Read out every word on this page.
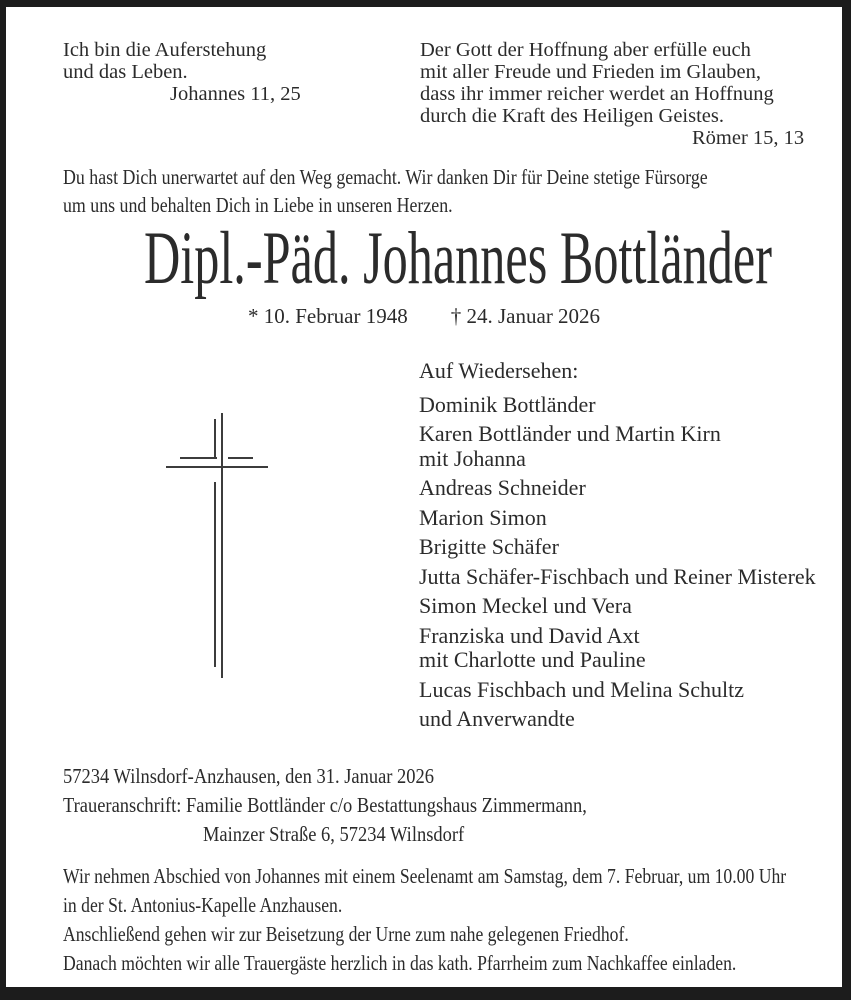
Ich bin die Auferstehung
und das Leben.
Johannes 11, 25
Der Gott der Hoffnung aber erfülle euch
mit aller Freude und Frieden im Glauben,
dass ihr immer reicher werdet an Hoffnung
durch die Kraft des Heiligen Geistes.
Römer 15, 13
Du hast Dich unerwartet auf den Weg gemacht. Wir danken Dir für Deine stetige Fürsorge
um uns und behalten Dich in Liebe in unseren Herzen.
Dipl.-Päd. Johannes Bottländer
* 10. Februar 1948 † 24. Januar 2026
Auf Wiedersehen:
Dominik Bottländer
Karen Bottländer und Martin Kirn
mit Johanna
Andreas Schneider
Marion Simon
Brigitte Schäfer
Jutta Schäfer-Fischbach und Reiner Misterek
Simon Meckel und Vera
Franziska und David Axt
mit Charlotte und Pauline
Lucas Fischbach und Melina Schultz
und Anverwandte
57234 Wilnsdorf-Anzhausen, den 31. Januar 2026
Traueranschrift: Familie Bottländer c/o Bestattungshaus Zimmermann,
Mainzer Straße 6, 57234 Wilnsdorf
Wir nehmen Abschied von Johannes mit einem Seelenamt am Samstag, dem 7. Februar, um 10.00 Uhr
in der St. Antonius-Kapelle Anzhausen.
Anschließend gehen wir zur Beisetzung der Urne zum nahe gelegenen Friedhof.
Danach möchten wir alle Trauergäste herzlich in das kath. Pfarrheim zum Nachkaffee einladen.
